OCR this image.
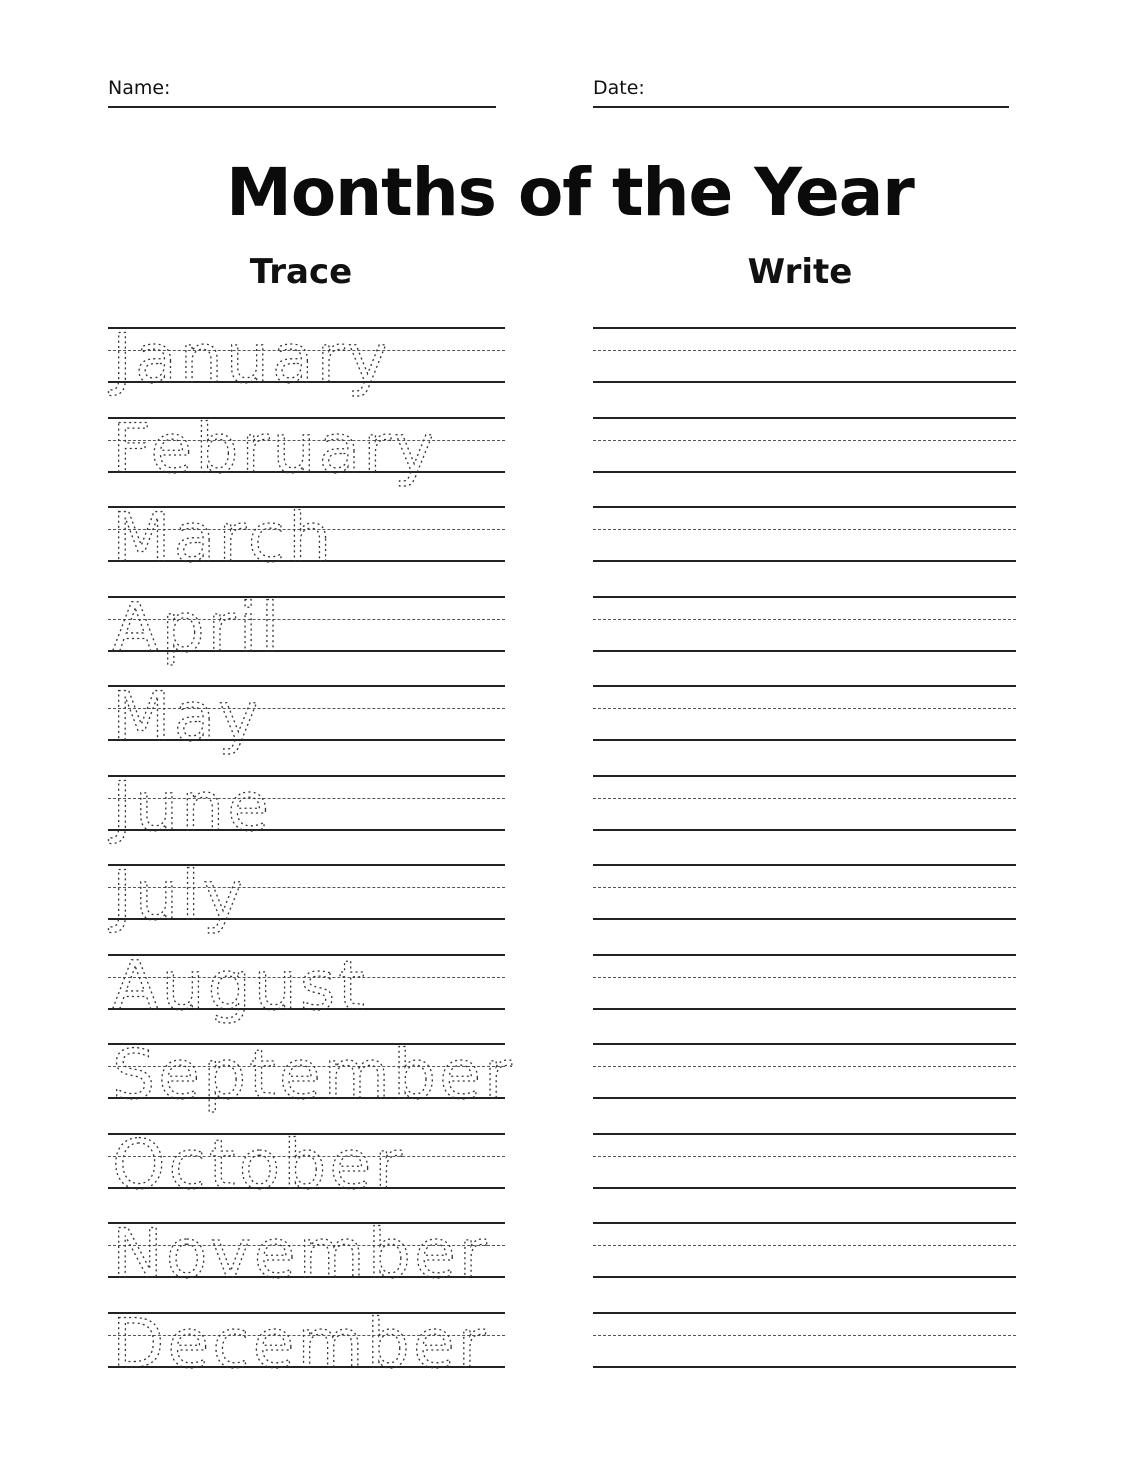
Name:	Date:
Months of the Year
Trace	Write
January
February
March
April
May
June
July
August
September
October
November
December
